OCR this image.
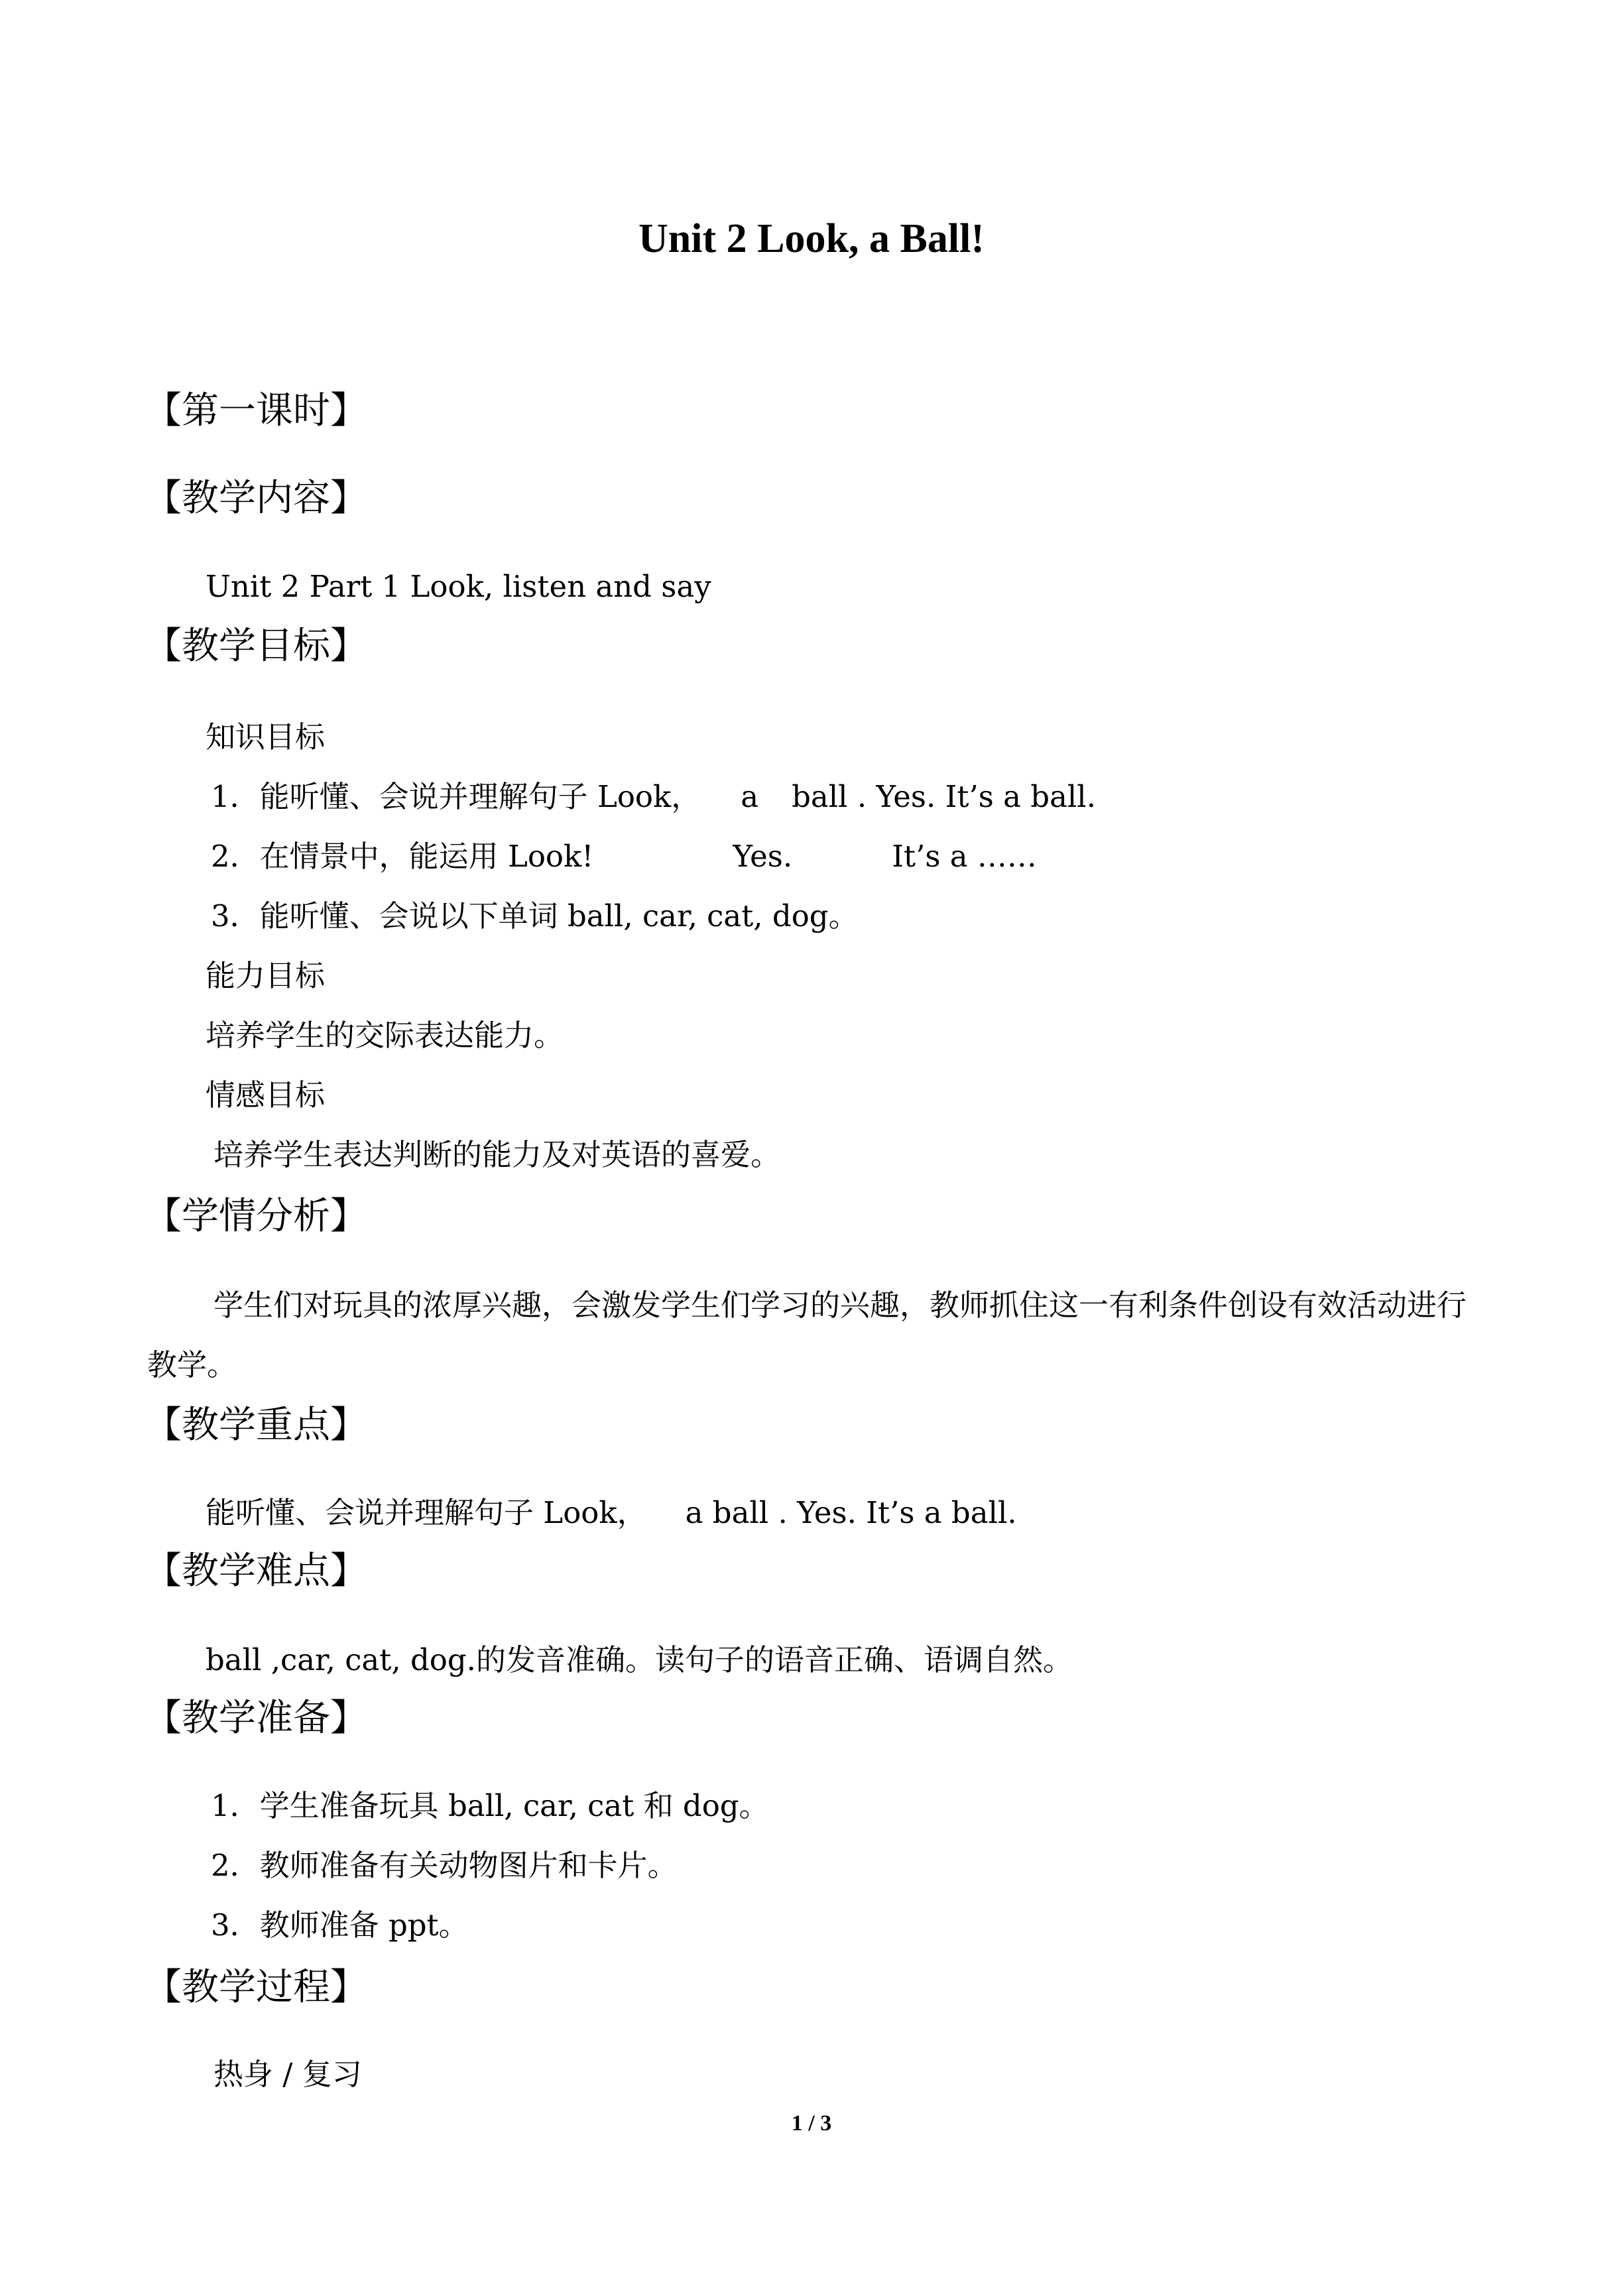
Unit 2 Look, a Ball!
【第一课时】
【教学内容】
Unit 2 Part 1 Look, listen and say
【教学目标】
知识目标
1．能听懂、会说并理解句子 Look， a ball . Yes. It’s a ball.
2．在情景中，能运用 Look!	Yes.	It’s a ……
3．能听懂、会说以下单词 ball, car, cat, dog。
能力目标
培养学生的交际表达能力。
情感目标
培养学生表达判断的能力及对英语的喜爱。
【学情分析】
学生们对玩具的浓厚兴趣，会激发学生们学习的兴趣，教师抓住这一有利条件创设有效活动进行教学。
【教学重点】
能听懂、会说并理解句子 Look， a ball . Yes. It’s a ball.
【教学难点】
ball ,car, cat, dog.的发音准确。读句子的语音正确、语调自然。
【教学准备】
1．学生准备玩具 ball, car, cat 和 dog。
2．教师准备有关动物图片和卡片。
3．教师准备 ppt。
【教学过程】
热身 / 复习
1 / 3
